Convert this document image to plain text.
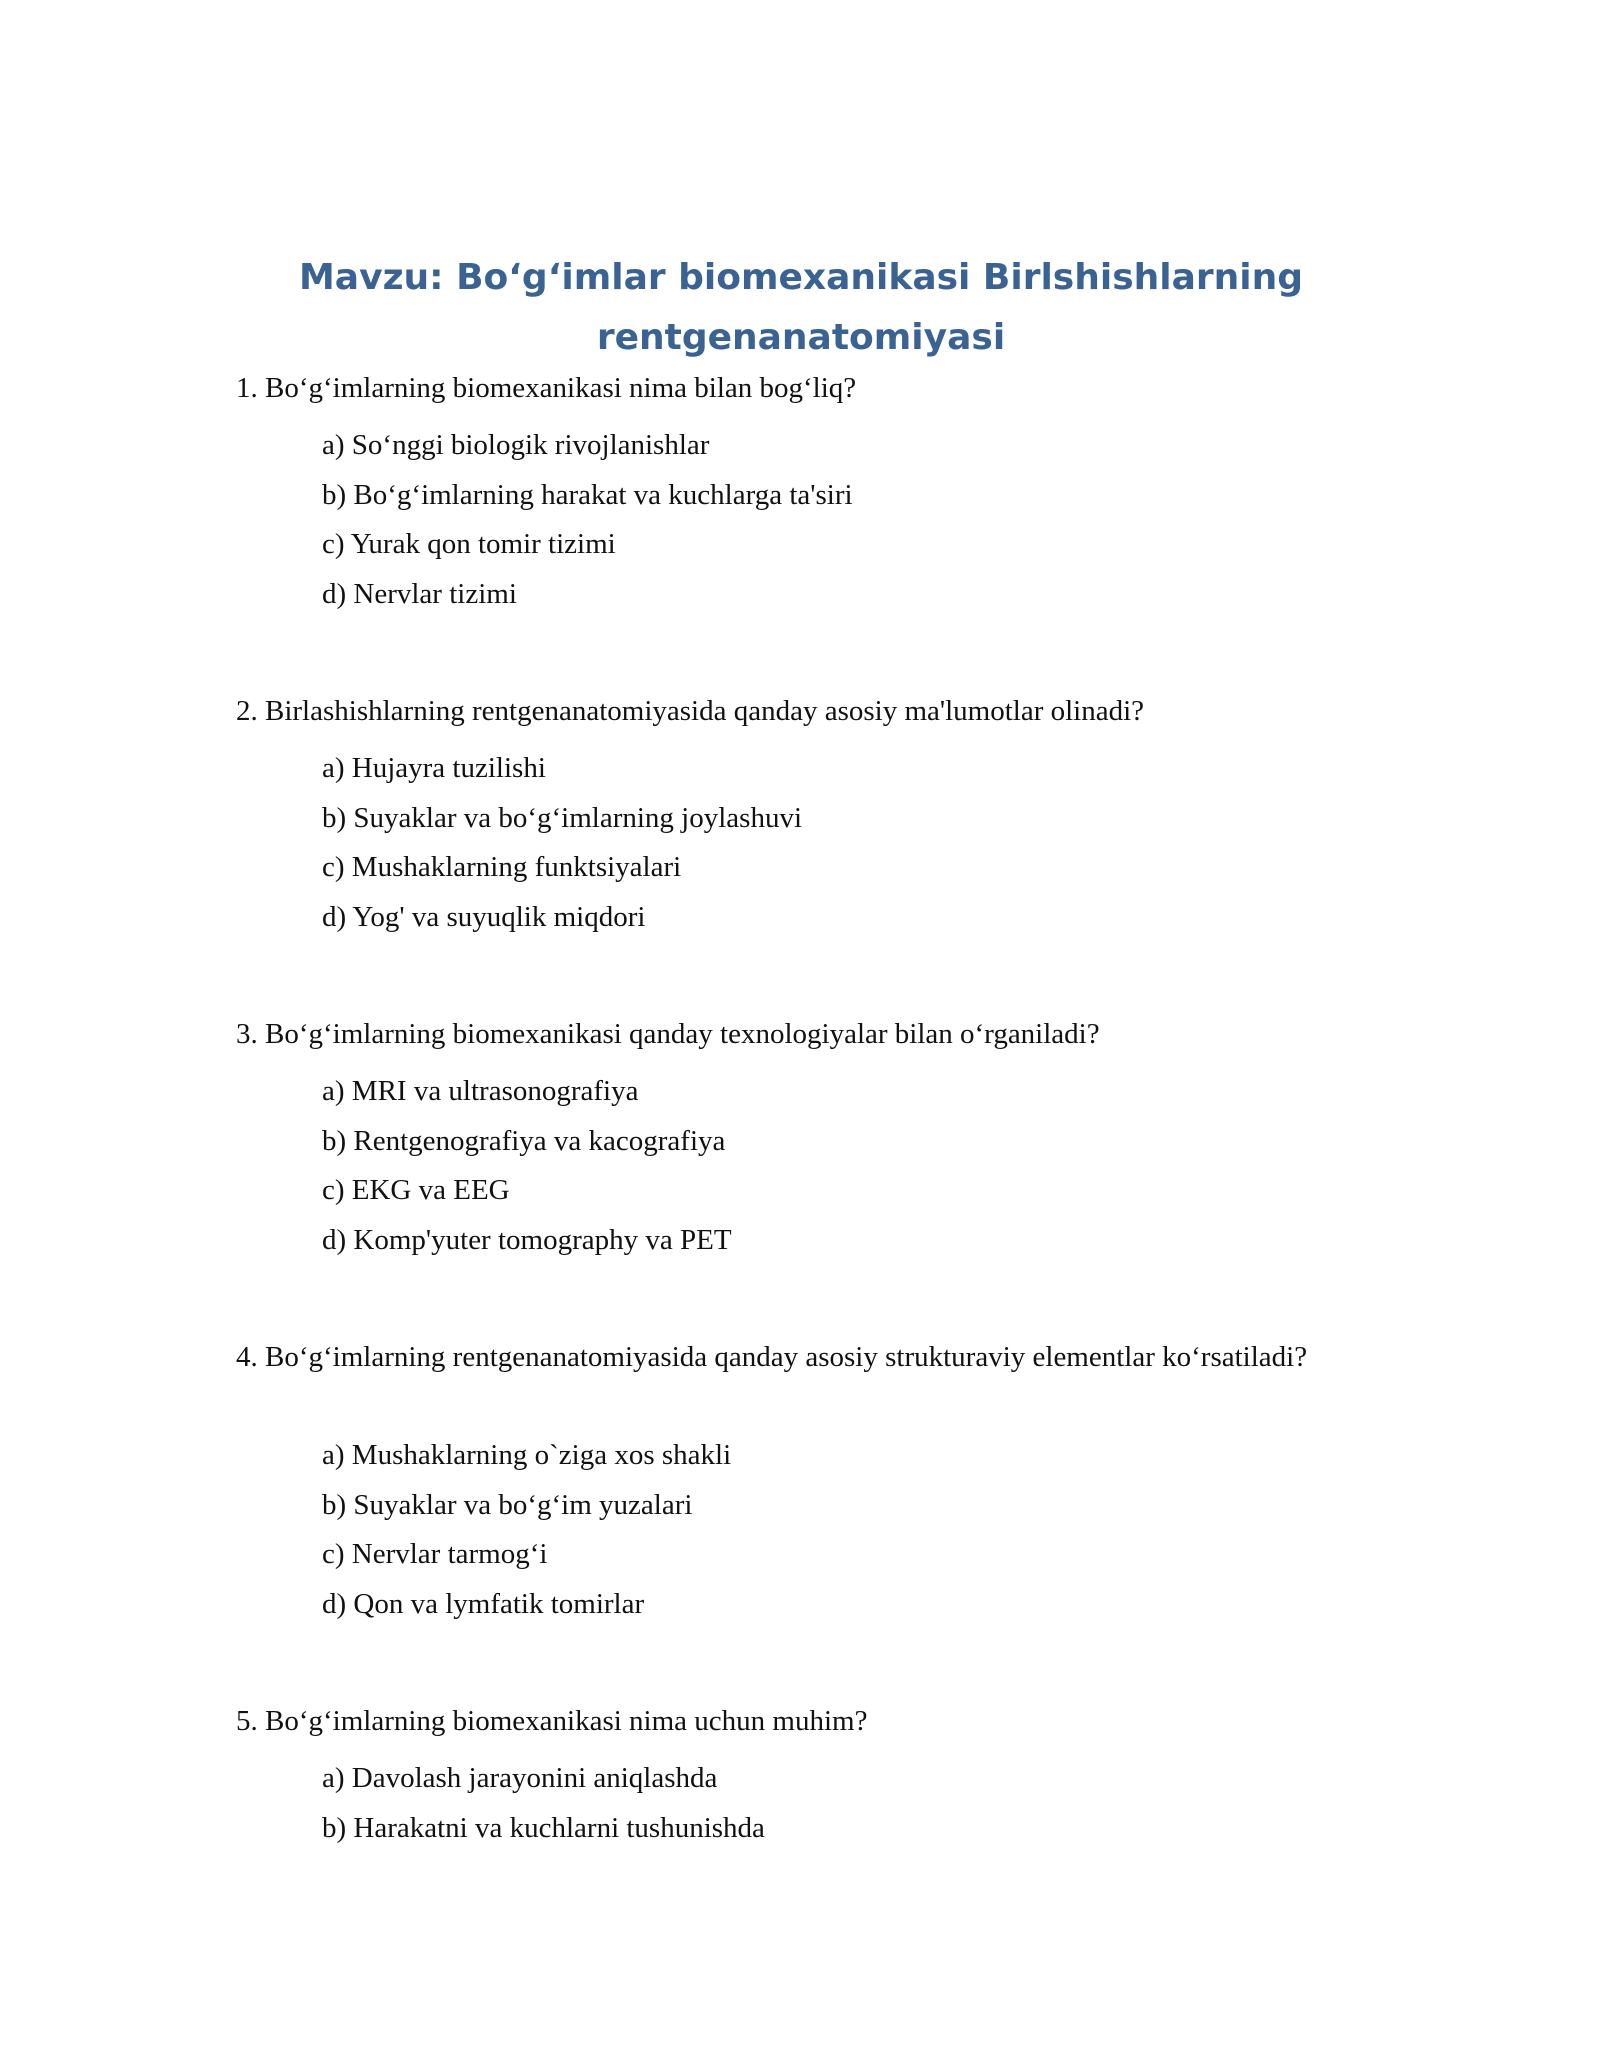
Mavzu: Bo‘g‘imlar biomexanikasi Birlshishlarning rentgenanatomiyasi
1. Bo‘g‘imlarning biomexanikasi nima bilan bog‘liq?
a) So‘nggi biologik rivojlanishlar
b) Bo‘g‘imlarning harakat va kuchlarga ta'siri
c) Yurak qon tomir tizimi
d) Nervlar tizimi
2. Birlashishlarning rentgenanatomiyasida qanday asosiy ma'lumotlar olinadi?
a) Hujayra tuzilishi
b) Suyaklar va bo‘g‘imlarning joylashuvi
c) Mushaklarning funktsiyalari
d) Yog' va suyuqlik miqdori
3. Bo‘g‘imlarning biomexanikasi qanday texnologiyalar bilan o‘rganiladi?
a) MRI va ultrasonografiya
b) Rentgenografiya va kacografiya
c) EKG va EEG
d) Komp'yuter tomography va PET
4. Bo‘g‘imlarning rentgenanatomiyasida qanday asosiy strukturaviy elementlar ko‘rsatiladi?
a) Mushaklarning o`ziga xos shakli
b) Suyaklar va bo‘g‘im yuzalari
c) Nervlar tarmog‘i
d) Qon va lymfatik tomirlar
5. Bo‘g‘imlarning biomexanikasi nima uchun muhim?
a) Davolash jarayonini aniqlashda
b) Harakatni va kuchlarni tushunishda
